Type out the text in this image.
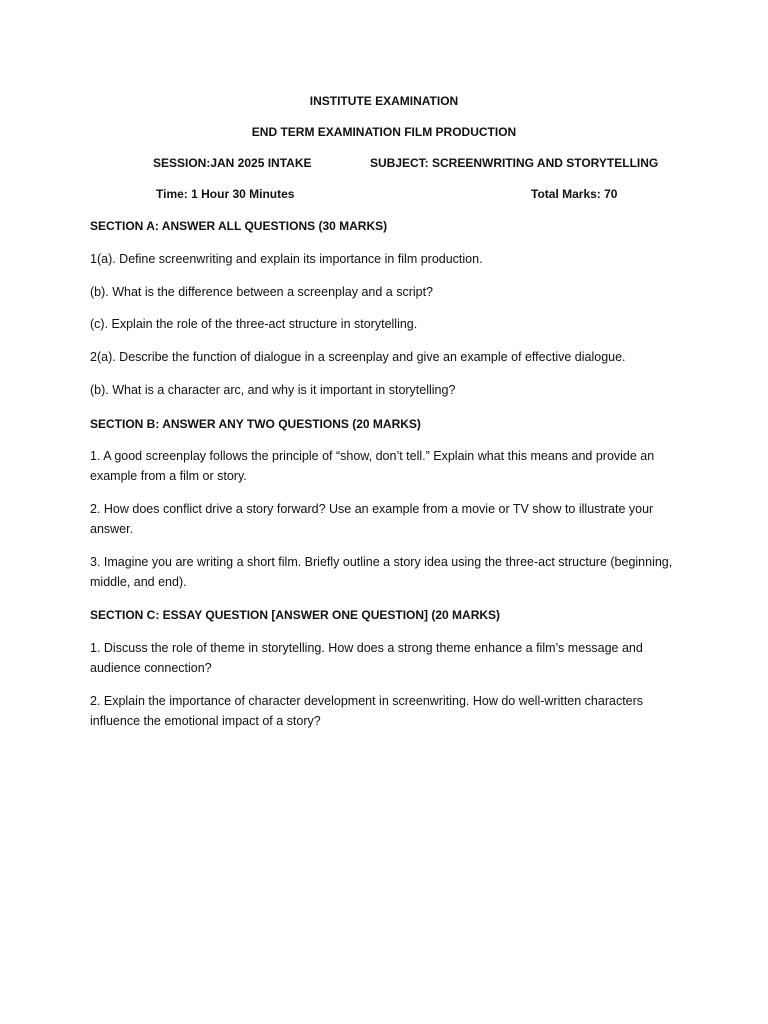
INSTITUTE EXAMINATION
END TERM EXAMINATION FILM PRODUCTION
SESSION:JAN 2025 INTAKE	SUBJECT: SCREENWRITING AND STORYTELLING
Time: 1 Hour 30 Minutes	Total Marks: 70

SECTION A: ANSWER ALL QUESTIONS (30 MARKS)

1(a). Define screenwriting and explain its importance in film production.

(b). What is the difference between a screenplay and a script?

(c). Explain the role of the three-act structure in storytelling.

2(a). Describe the function of dialogue in a screenplay and give an example of effective dialogue.

(b). What is a character arc, and why is it important in storytelling?

SECTION B: ANSWER ANY TWO QUESTIONS (20 MARKS)

1. A good screenplay follows the principle of “show, don’t tell.” Explain what this means and provide an example from a film or story.

2. How does conflict drive a story forward? Use an example from a movie or TV show to illustrate your answer.

3. Imagine you are writing a short film. Briefly outline a story idea using the three-act structure (beginning, middle, and end).

SECTION C: ESSAY QUESTION [ANSWER ONE QUESTION] (20 MARKS)

1. Discuss the role of theme in storytelling. How does a strong theme enhance a film’s message and audience connection?

2. Explain the importance of character development in screenwriting. How do well-written characters influence the emotional impact of a story?
